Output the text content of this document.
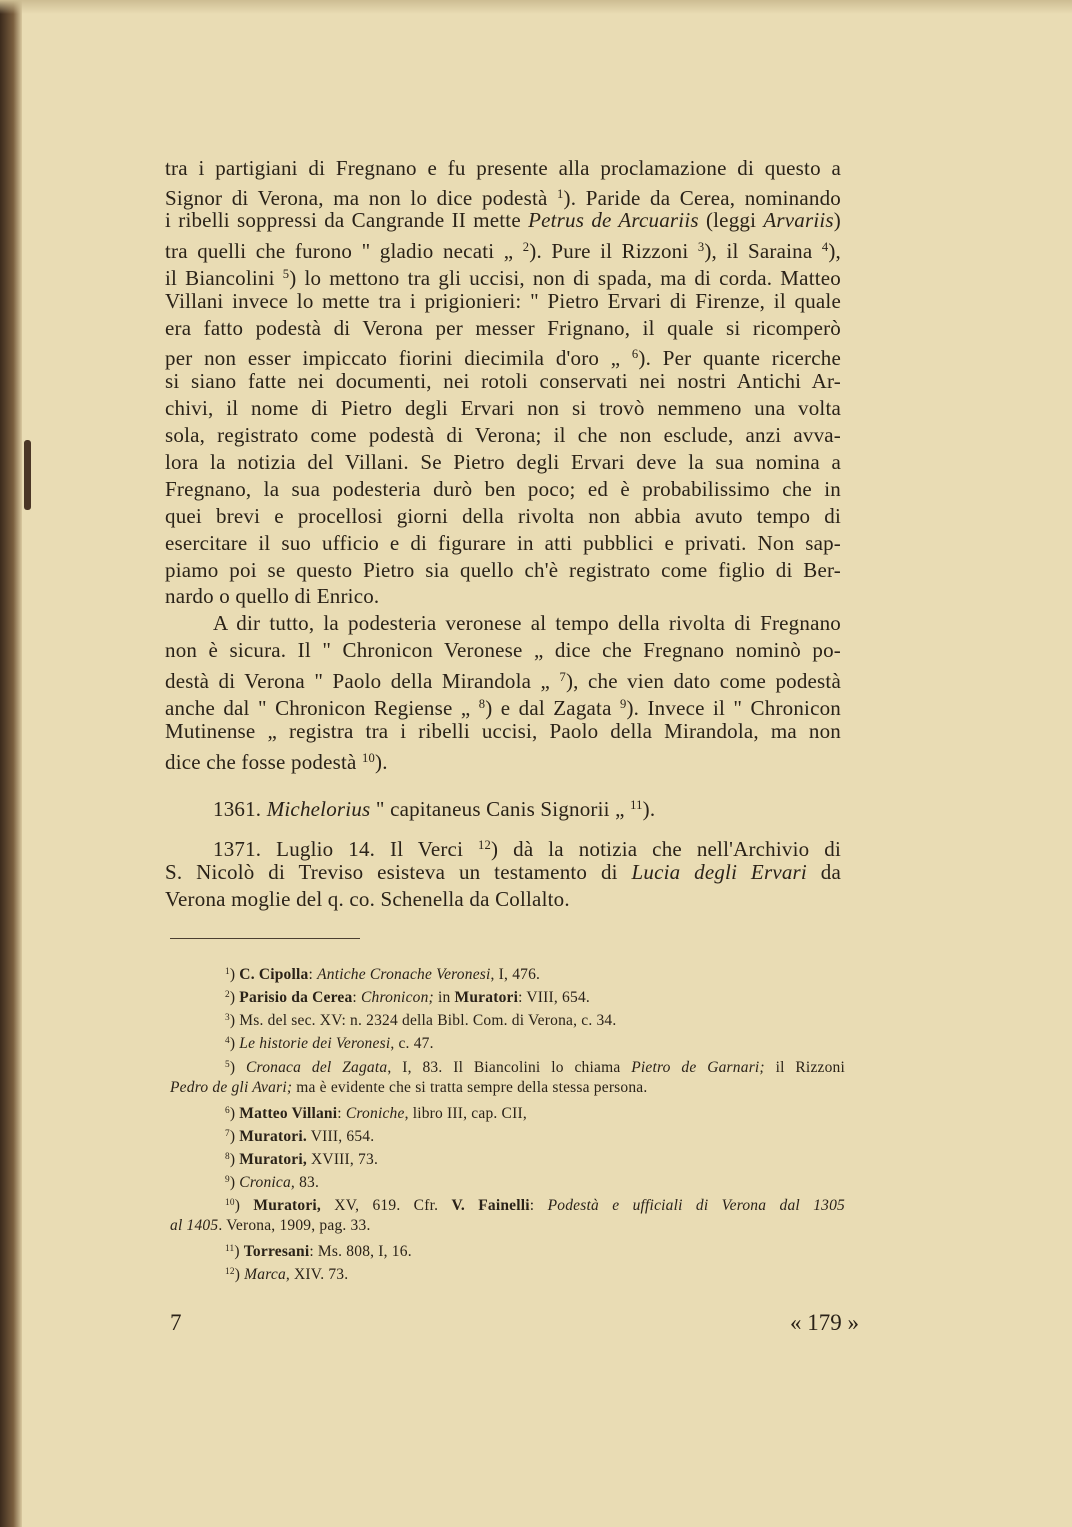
tra i partigiani di Fregnano e fu presente alla proclamazione di questo a
Signor di Verona, ma non lo dice podestà $^1$). Paride da Cerea, nominando
i ribelli soppressi da Cangrande II mette Petrus de Arcuariis (leggi Arvariis)
tra quelli che furono " gladio necati „ $^2$). Pure il Rizzoni $^3$), il Saraina $^4$),
il Biancolini $^5$) lo mettono tra gli uccisi, non di spada, ma di corda. Matteo
Villani invece lo mette tra i prigionieri: " Pietro Ervari di Firenze, il quale
era fatto podestà di Verona per messer Frignano, il quale si ricomperò
per non esser impiccato fiorini diecimila d'oro „ $^6$). Per quante ricerche
si siano fatte nei documenti, nei rotoli conservati nei nostri Antichi Ar-
chivi, il nome di Pietro degli Ervari non si trovò nemmeno una volta
sola, registrato come podestà di Verona; il che non esclude, anzi avva-
lora la notizia del Villani. Se Pietro degli Ervari deve la sua nomina a
Fregnano, la sua podesteria durò ben poco; ed è probabilissimo che in
quei brevi e procellosi giorni della rivolta non abbia avuto tempo di
esercitare il suo ufficio e di figurare in atti pubblici e privati. Non sap-
piamo poi se questo Pietro sia quello ch'è registrato come figlio di Ber-
nardo o quello di Enrico.
A dir tutto, la podesteria veronese al tempo della rivolta di Fregnano
non è sicura. Il " Chronicon Veronese „ dice che Fregnano nominò po-
destà di Verona " Paolo della Mirandola „ $^7$), che vien dato come podestà
anche dal " Chronicon Regiense „ $^8$) e dal Zagata $^9$). Invece il " Chronicon
Mutinense „ registra tra i ribelli uccisi, Paolo della Mirandola, ma non
dice che fosse podestà $^{10}$).
1361. Michelorius " capitaneus Canis Signorii „ $^{11}$).
1371. Luglio 14. Il Verci $^{12}$) dà la notizia che nell'Archivio di
S. Nicolò di Treviso esisteva un testamento di Lucia degli Ervari da
Verona moglie del q. co. Schenella da Collalto.
$^1$) C. Cipolla: Antiche Cronache Veronesi, I, 476.
$^2$) Parisio da Cerea: Chronicon; in Muratori: VIII, 654.
$^3$) Ms. del sec. XV: n. 2324 della Bibl. Com. di Verona, c. 34.
$^4$) Le historie dei Veronesi, c. 47.
$^5$) Cronaca del Zagata, I, 83. Il Biancolini lo chiama Pietro de Garnari; il Rizzoni
Pedro de gli Avari; ma è evidente che si tratta sempre della stessa persona.
$^6$) Matteo Villani: Croniche, libro III, cap. CII,
$^7$) Muratori. VIII, 654.
$^8$) Muratori, XVIII, 73.
$^9$) Cronica, 83.
$^{10}$) Muratori, XV, 619. Cfr. V. Fainelli: Podestà e ufficiali di Verona dal 1305
al 1405. Verona, 1909, pag. 33.
$^{11}$) Torresani: Ms. 808, I, 16.
$^{12}$) Marca, XIV. 73.
7	« 179 »
